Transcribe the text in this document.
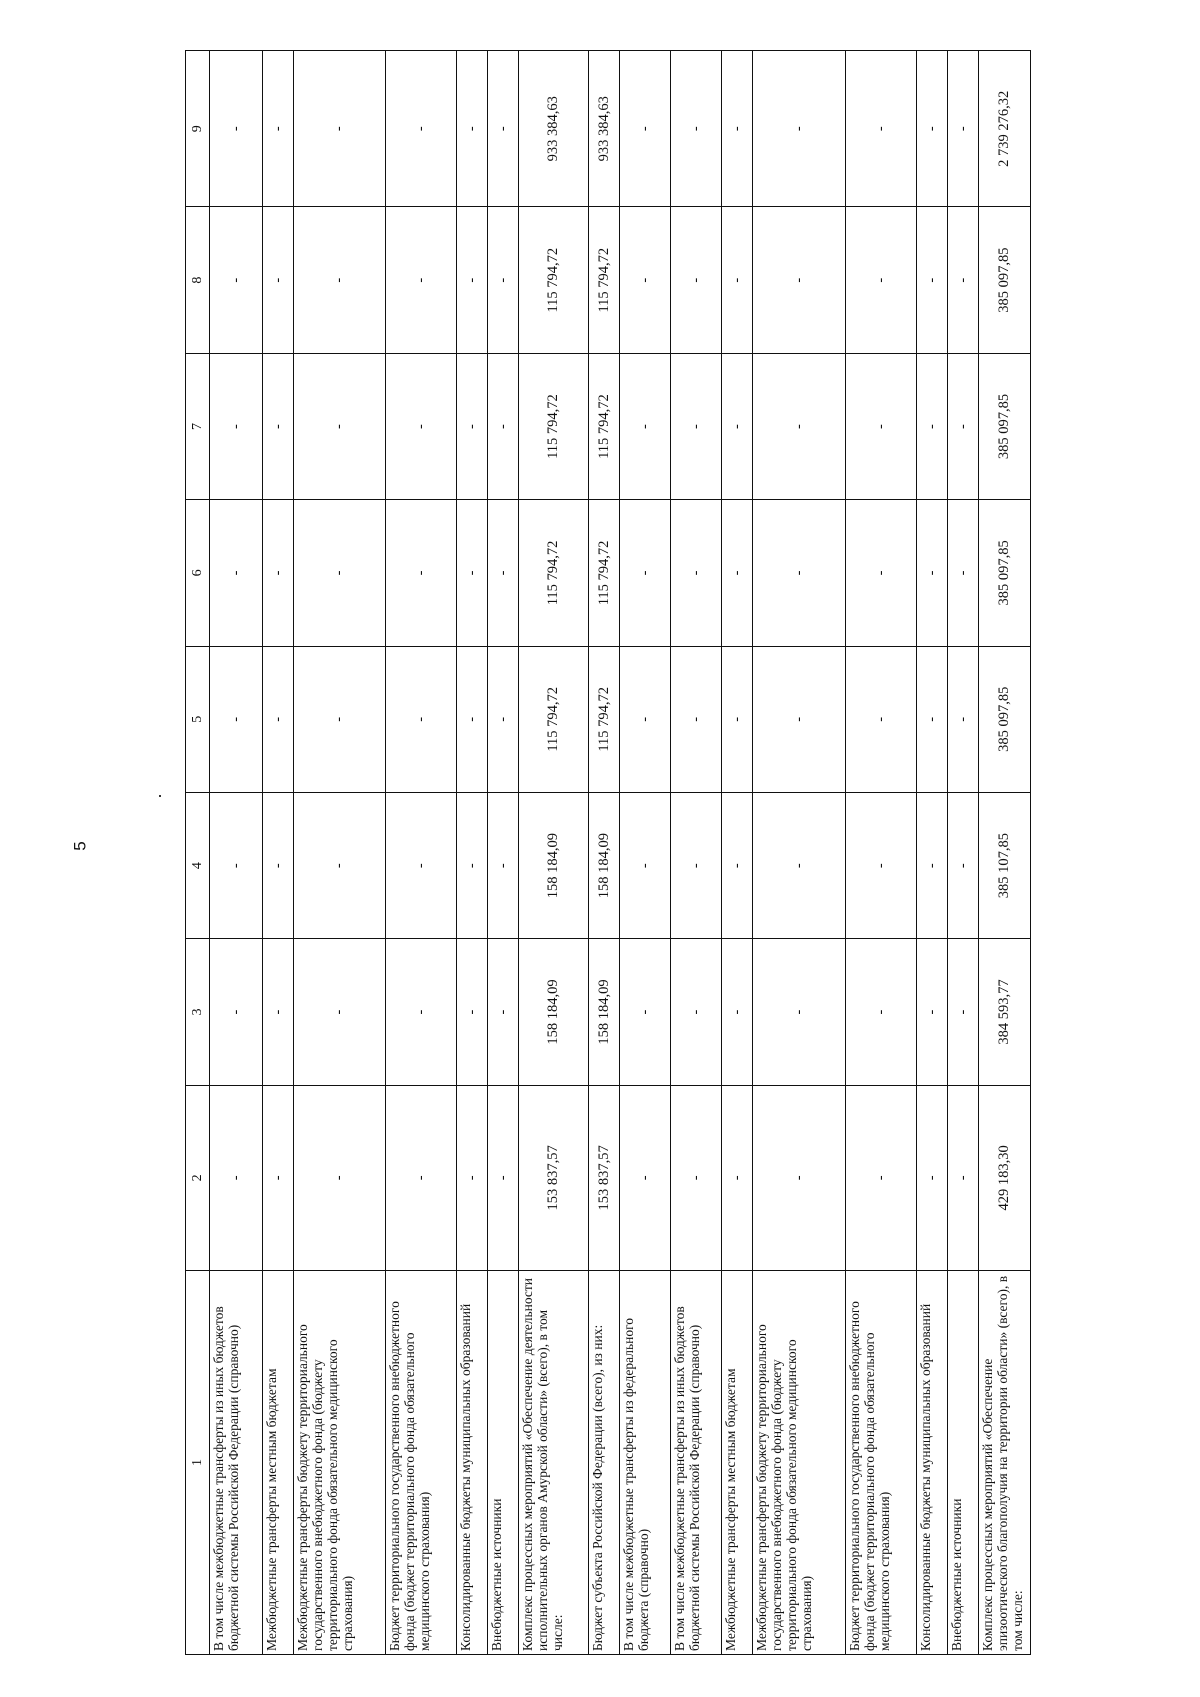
5
1	2	3	4	5	6	7	8	9
В том числе межбюджетные трансферты из иных бюджетов бюджетной системы Российской Федерации (справочно)	-	-	-	-	-	-	-	-
Межбюджетные трансферты местным бюджетам	-	-	-	-	-	-	-	-
Межбюджетные трансферты бюджету территориального государственного внебюджетного фонда (бюджету территориального фонда обязательного медицинского страхования)	-	-	-	-	-	-	-	-
Бюджет территориального государственного внебюджетного фонда (бюджет территориального фонда обязательного медицинского страхования)	-	-	-	-	-	-	-	-
Консолидированные бюджеты муниципальных образований	-	-	-	-	-	-	-	-
Внебюджетные источники	-	-	-	-	-	-	-	-
Комплекс процессных мероприятий «Обеспечение деятельности исполнительных органов Амурской области» (всего), в том числе:	153 837,57	158 184,09	158 184,09	115 794,72	115 794,72	115 794,72	115 794,72	933 384,63
Бюджет субъекта Российской Федерации (всего), из них:	153 837,57	158 184,09	158 184,09	115 794,72	115 794,72	115 794,72	115 794,72	933 384,63
В том числе межбюджетные трансферты из федерального бюджета (справочно)	-	-	-	-	-	-	-	-
В том числе межбюджетные трансферты из иных бюджетов бюджетной системы Российской Федерации (справочно)	-	-	-	-	-	-	-	-
Межбюджетные трансферты местным бюджетам	-	-	-	-	-	-	-	-
Межбюджетные трансферты бюджету территориального государственного внебюджетного фонда (бюджету территориального фонда обязательного медицинского страхования)	-	-	-	-	-	-	-	-
Бюджет территориального государственного внебюджетного фонда (бюджет территориального фонда обязательного медицинского страхования)	-	-	-	-	-	-	-	-
Консолидированные бюджеты муниципальных образований	-	-	-	-	-	-	-	-
Внебюджетные источники	-	-	-	-	-	-	-	-
Комплекс процессных мероприятий «Обеспечение эпизоотического благополучия на территории области» (всего), в том числе:	429 183,30	384 593,77	385 107,85	385 097,85	385 097,85	385 097,85	385 097,85	2 739 276,32
